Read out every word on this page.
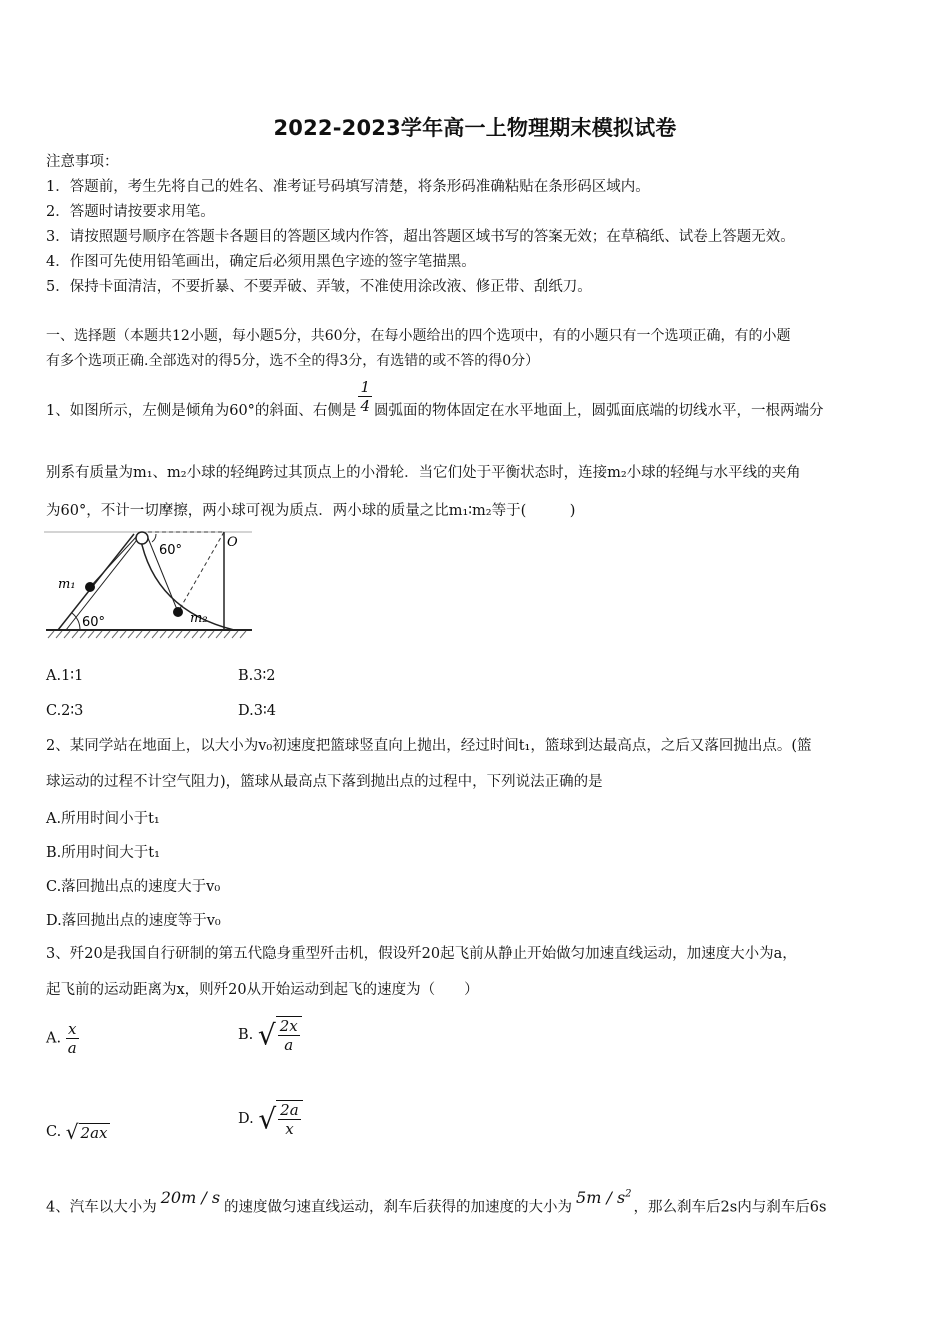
2022-2023学年高一上物理期末模拟试卷
注意事项：
1．答题前，考生先将自己的姓名、准考证号码填写清楚，将条形码准确粘贴在条形码区域内。
2．答题时请按要求用笔。
3．请按照题号顺序在答题卡各题目的答题区域内作答，超出答题区域书写的答案无效；在草稿纸、试卷上答题无效。
4．作图可先使用铅笔画出，确定后必须用黑色字迹的签字笔描黑。
5．保持卡面清洁，不要折暴、不要弄破、弄皱，不准使用涂改液、修正带、刮纸刀。
一、选择题（本题共12小题，每小题5分，共60分，在每小题给出的四个选项中，有的小题只有一个选项正确，有的小题
有多个选项正确.全部选对的得5分，选不全的得3分，有选错的或不答的得0分）
1、如图所示，左侧是倾角为60°的斜面、右侧是 $\frac{1}{4}$ 圆弧面的物体固定在水平地面上，圆弧面底端的切线水平，一根两端分
别系有质量为m₁、m₂小球的轻绳跨过其顶点上的小滑轮．当它们处于平衡状态时，连接m₂小球的轻绳与水平线的夹角
为60°，不计一切摩擦，两小球可视为质点．两小球的质量之比m₁∶m₂等于(　　　)
m₁
m₂
60°
60°
O
A.1∶1	B.3∶2
C.2∶3	D.3∶4
2、某同学站在地面上，以大小为v₀初速度把篮球竖直向上抛出，经过时间t₁，篮球到达最高点，之后又落回抛出点。(篮
球运动的过程不计空气阻力)，篮球从最高点下落到抛出点的过程中，下列说法正确的是
A.所用时间小于t₁
B.所用时间大于t₁
C.落回抛出点的速度大于v₀
D.落回抛出点的速度等于v₀
3、歼20是我国自行研制的第五代隐身重型歼击机，假设歼20起飞前从静止开始做匀加速直线运动，加速度大小为a，
起飞前的运动距离为x，则歼20从开始运动到起飞的速度为（　　）
A. $\frac{x}{a}$	B. √ $\frac{2x}{a}$
C. √ 2ax
D. √ $\frac{2a}{x}$
4、汽车以大小为 20m / s 的速度做匀速直线运动，刹车后获得的加速度的大小为 $5m / s^2$，那么刹车后2s内与刹车后6s
